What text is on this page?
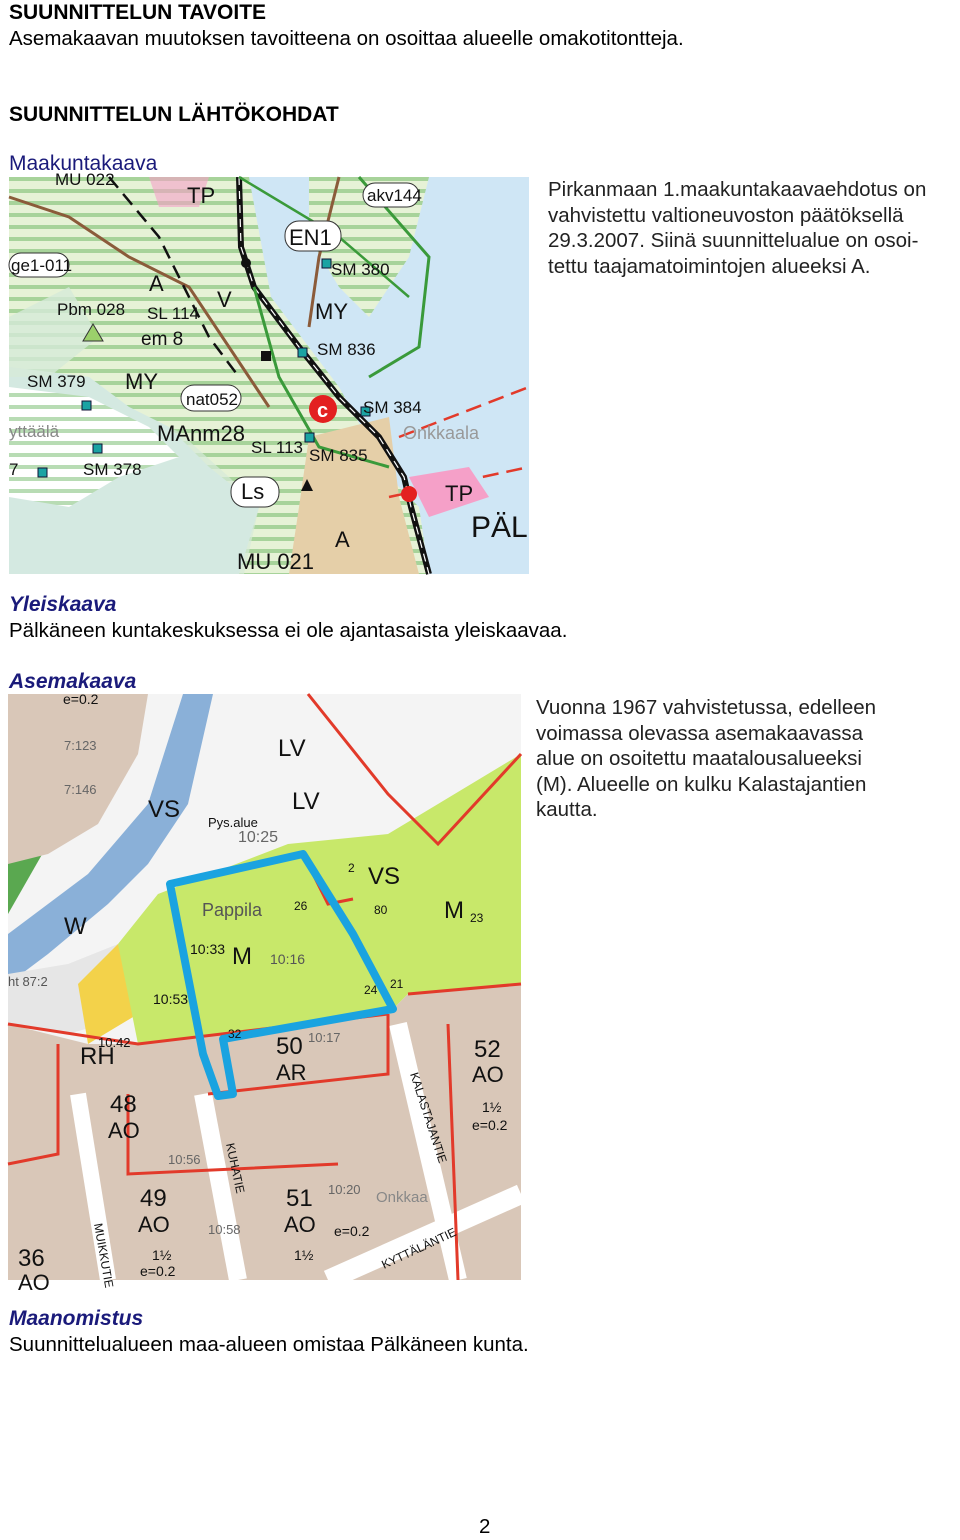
SUUNNITTELUN TAVOITE
Asemakaavan muutoksen tavoitteena on osoittaa alueelle omakotitontteja.
SUUNNITTELUN LÄHTÖKOHDAT
Maakuntakaava
Pirkanmaan 1.maakuntakaavaehdotus on
vahvistettu valtioneuvoston päätöksellä
29.3.2007. Siinä suunnittelualue on osoi-
tettu taajamatoimintojen alueeksi A.
MU 022
TP	akv144
EN1
ge1-011	SM 380
A
V	MY
Pbm 028 SL 114
em 8	SM 836
SM 379 MY
nat052
c SM 384
yttäälä	MAnm28
SL 113
Onkkaala
SM 835
7	SM 378
Ls	TP
PÄL
A
MU 021
Yleiskaava
Pälkäneen kuntakeskuksessa ei ole ajantasaista yleiskaavaa.
Asemakaava
Vuonna 1967 vahvistetussa, edelleen
voimassa olevassa asemakaavassa
alue on osoitettu maatalousalueeksi
(M). Alueelle on kulku Kalastajantien
kautta.
e=0.2
LV
LV
VS Pys.alue
10:25
VS
Pappila
M
M
10:16
10:33
10:53
W
RH	50
AR
52
AO
48
AO	KALASTAJANTIE
KUHATIE
49
AO
51
AO e=0.2
Onkkaa
36
AO	MUIKKUTIE	KYTTÄLÄNTIE
e=0.2
e=0.2
7:123
7:146
ht 87:2
10:42
10:56
10:58
10:20
10:17
2
26	80
23
32
24 21
1½
1½	1½
Maanomistus
Suunnittelualueen maa-alueen omistaa Pälkäneen kunta.
2
